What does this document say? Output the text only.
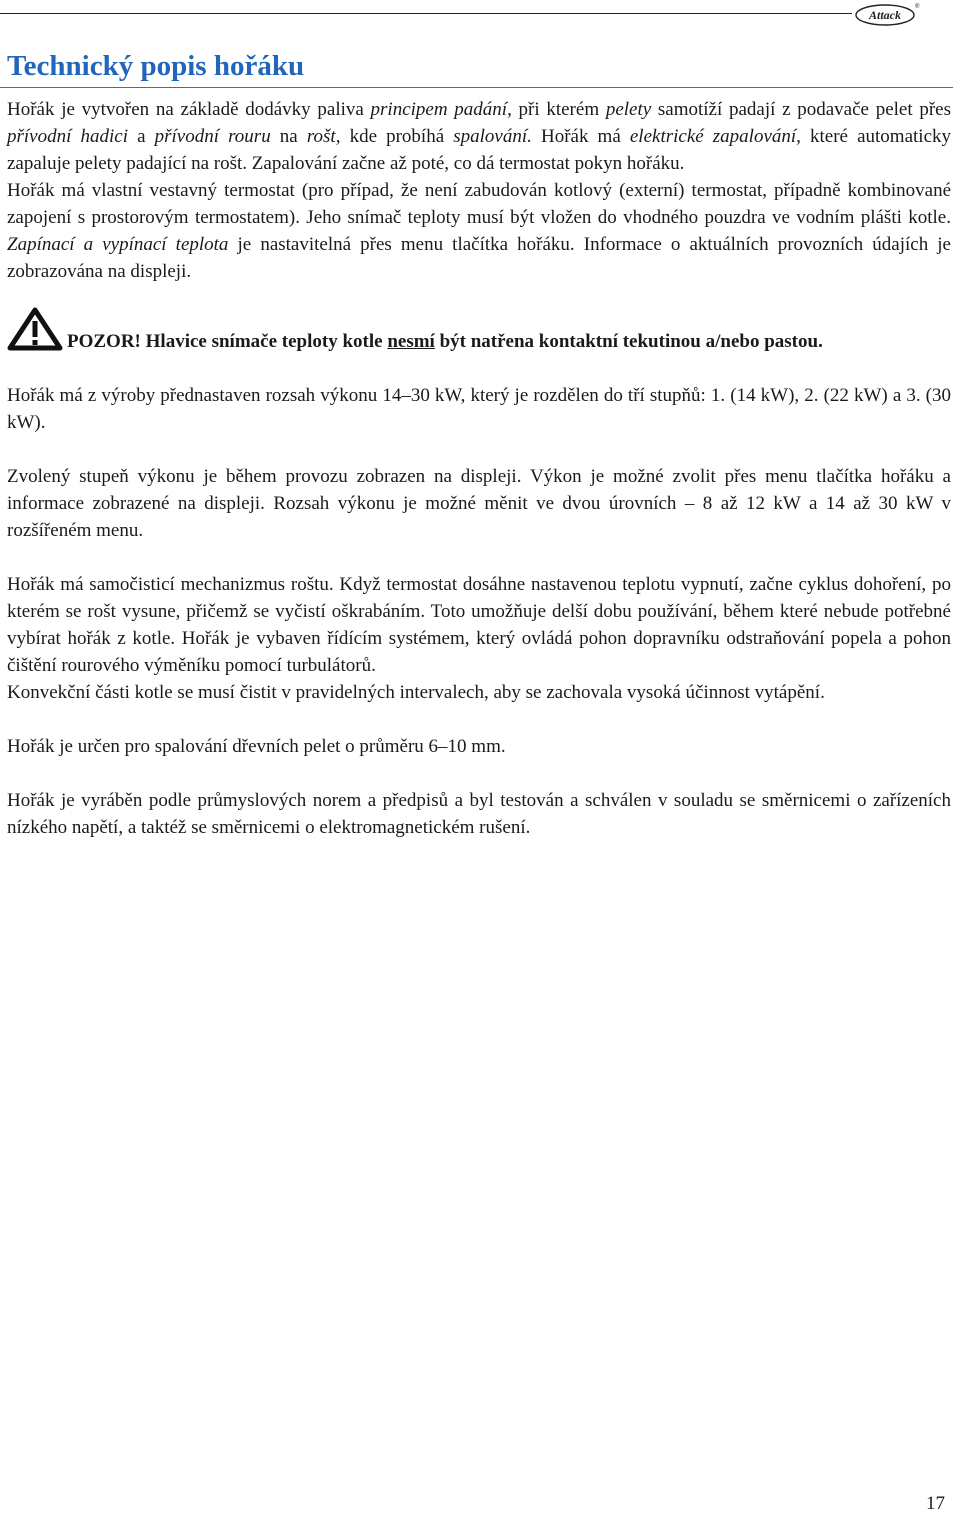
Attack
®
Technický popis hořáku

Hořák je vytvořen na základě dodávky paliva principem padání, při kterém pelety samotíží padají z podavače pelet přes přívodní hadici a přívodní rouru na rošt, kde probíhá spalování. Hořák má elektrické zapalování, které automaticky zapaluje pelety padající na rošt. Zapalování začne až poté, co dá termostat pokyn hořáku.

Hořák má vlastní vestavný termostat (pro případ, že není zabudován kotlový (externí) termostat, případně kombinované zapojení s prostorovým termostatem). Jeho snímač teploty musí být vložen do vhodného pouzdra ve vodním plášti kotle. Zapínací a vypínací teplota je nastavitelná přes menu tlačítka hořáku. Informace o aktuálních provozních údajích je zobrazována na displeji.

POZOR! Hlavice snímače teploty kotle nesmí být natřena kontaktní tekutinou a/nebo pastou.

Hořák má z výroby přednastaven rozsah výkonu 14–30 kW, který je rozdělen do tří stupňů: 1. (14 kW), 2. (22 kW) a 3. (30 kW).

Zvolený stupeň výkonu je během provozu zobrazen na displeji. Výkon je možné zvolit přes menu tlačítka hořáku a informace zobrazené na displeji. Rozsah výkonu je možné měnit ve dvou úrovních – 8 až 12 kW a 14 až 30 kW v rozšířeném menu.

Hořák má samočisticí mechanizmus roštu. Když termostat dosáhne nastavenou teplotu vypnutí, začne cyklus dohoření, po kterém se rošt vysune, přičemž se vyčistí oškrabáním. Toto umožňuje delší dobu používání, během které nebude potřebné vybírat hořák z kotle. Hořák je vybaven řídícím systémem, který ovládá pohon dopravníku odstraňování popela a pohon čištění rourového výměníku pomocí turbulátorů.

Konvekční části kotle se musí čistit v pravidelných intervalech, aby se zachovala vysoká účinnost vytápění.

Hořák je určen pro spalování dřevních pelet o průměru 6–10 mm.

Hořák je vyráběn podle průmyslových norem a předpisů a byl testován a schválen v souladu se směrnicemi o zařízeních nízkého napětí, a taktéž se směrnicemi o elektromagnetickém rušení.

17
